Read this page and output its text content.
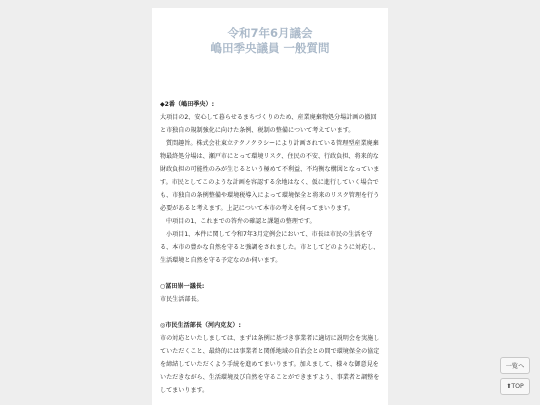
令和7年6月議会
嶋田季央議員 一般質問

◆2番（嶋田季央）:

大項目の2、安心して暮らせるまちづくりのため、産業廃棄物処分場計画の撤回と市独自の規制強化に向けた条例、税制の整備について考えています。

質問趣旨。株式会社東立テクノクラシーにより計画されている管理型産業廃棄物最終処分場は、瀬戸市にとって環境リスク、住民の不安、行政負担、将来的な財政負担の可能性のみが生じるという極めて不利益、不均衡な構図となっています。市民としてこのような計画を容認する余地はなく、仮に進行していく場合でも、市独自の条例整備や環境税導入によって環境保全と将来のリスク管理を行う必要があると考えます。上記について本市の考えを伺ってまいります。

中項目の1、これまでの答弁の確認と課題の整理です。

小項目1、本件に関して令和7年3月定例会において、市長は市民の生活を守る、本市の豊かな自然を守ると強調をされました。市としてどのように対応し、生活環境と自然を守る予定なのか伺います。

○冨田崇一議長:

市民生活部長。

◎市民生活部長（河内克友）:

市の対応といたしましては、まずは条例に基づき事業者に適切に説明会を実施していただくこと、最終的には事業者と関係地域の自治会との間で環境保全の協定を締結していただくよう手続を進めてまいります。加えまして、様々な御意見をいただきながら、生活環境及び自然を守ることができますよう、事業者と調整をしてまいります。

一覧へ
⬆TOP
